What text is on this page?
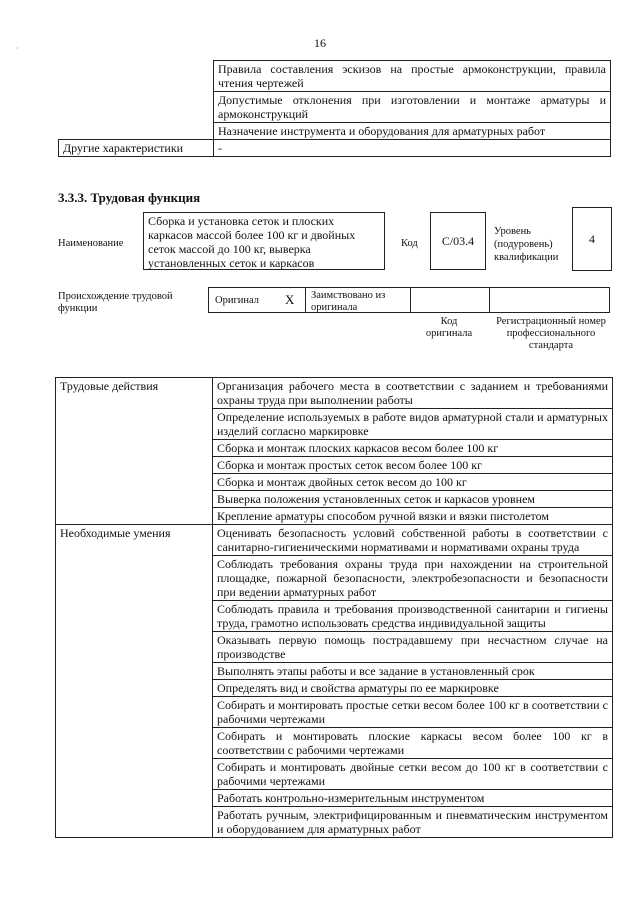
·	16
	Правила составления эскизов на простые армоконструкции, правила чтения чертежей
	Допустимые отклонения при изготовлении и монтаже арматуры и армоконструкций
	Назначение инструмента и оборудования для арматурных работ
Другие характеристики	-
3.3.3. Трудовая функция
Наименование
Сборка и установка сеток и плоских каркасов массой более 100 кг и двойных сеток массой до 100 кг, выверка установленных сеток и каркасов
Код	C/03.4
Уровень (подуровень) квалификации
4
Происхождение трудовой функции
Оригинал X Заимствовано из оригинала
Код оригинала
Регистрационный номер профессионального стандарта
Трудовые действия	Организация рабочего места в соответствии с заданием и требованиями охраны труда при выполнении работы
	Определение используемых в работе видов арматурной стали и арматурных изделий согласно маркировке
	Сборка и монтаж плоских каркасов весом более 100 кг
	Сборка и монтаж простых сеток весом более 100 кг
	Сборка и монтаж двойных сеток весом до 100 кг
	Выверка положения установленных сеток и каркасов уровнем
	Крепление арматуры способом ручной вязки и вязки пистолетом
Необходимые умения	Оценивать безопасность условий собственной работы в соответствии с санитарно-гигиеническими нормативами и нормативами охраны труда
	Соблюдать требования охраны труда при нахождении на строительной площадке, пожарной безопасности, электробезопасности и безопасности при ведении арматурных работ
	Соблюдать правила и требования производственной санитарии и гигиены труда, грамотно использовать средства индивидуальной защиты
	Оказывать первую помощь пострадавшему при несчастном случае на производстве
	Выполнять этапы работы и все задание в установленный срок
	Определять вид и свойства арматуры по ее маркировке
	Собирать и монтировать простые сетки весом более 100 кг в соответствии с рабочими чертежами
	Собирать и монтировать плоские каркасы весом более 100 кг в соответствии с рабочими чертежами
	Собирать и монтировать двойные сетки весом до 100 кг в соответствии с рабочими чертежами
	Работать контрольно-измерительным инструментом
	Работать ручным, электрифицированным и пневматическим инструментом и оборудованием для арматурных работ
